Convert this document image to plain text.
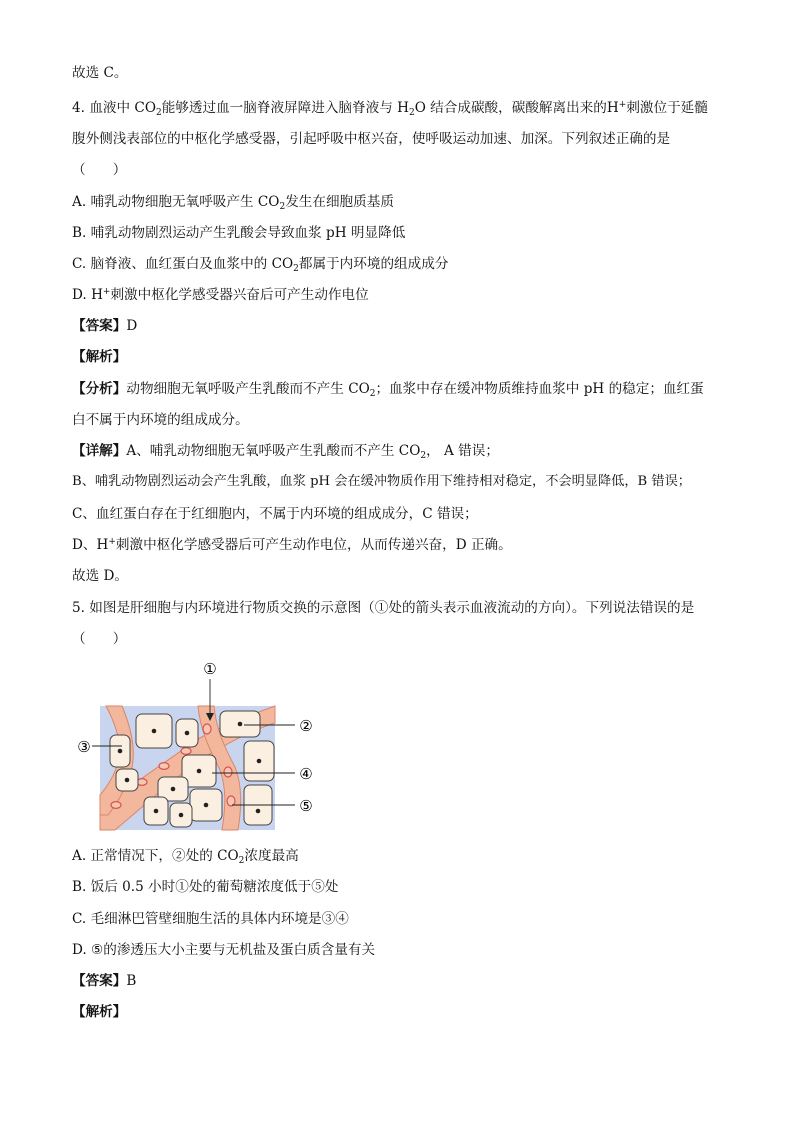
故选 C。
4. 血液中 $CO_2$能够透过血一脑脊液屏障进入脑脊液与 $H_2O$ 结合成碳酸，碳酸解离出来的H+刺激位于延髓
腹外侧浅表部位的中枢化学感受器，引起呼吸中枢兴奋，使呼吸运动加速、加深。下列叙述正确的是
（　　）
A. 哺乳动物细胞无氧呼吸产生 $CO_2$发生在细胞质基质
B. 哺乳动物剧烈运动产生乳酸会导致血浆 pH 明显降低
C. 脑脊液、血红蛋白及血浆中的 $CO_2$都属于内环境的组成成分
D. H+刺激中枢化学感受器兴奋后可产生动作电位
【答案】D
【解析】
【分析】动物细胞无氧呼吸产生乳酸而不产生 $CO_2$；血浆中存在缓冲物质维持血浆中 pH 的稳定；血红蛋
白不属于内环境的组成成分。
【详解】A、哺乳动物细胞无氧呼吸产生乳酸而不产生 $CO_2$， A 错误；
B、哺乳动物剧烈运动会产生乳酸，血浆 pH 会在缓冲物质作用下维持相对稳定，不会明显降低，B 错误；
C、血红蛋白存在于红细胞内，不属于内环境的组成成分，C 错误；
D、H+刺激中枢化学感受器后可产生动作电位，从而传递兴奋，D 正确。
故选 D。
5. 如图是肝细胞与内环境进行物质交换的示意图（①处的箭头表示血液流动的方向）。下列说法错误的是
（　　）
①
②
③
④
⑤
A. 正常情况下，②处的 $CO_2$浓度最高
B. 饭后 0.5 小时①处的葡萄糖浓度低于⑤处
C. 毛细淋巴管壁细胞生活的具体内环境是③④
D. ⑤的渗透压大小主要与无机盐及蛋白质含量有关
【答案】B
【解析】
